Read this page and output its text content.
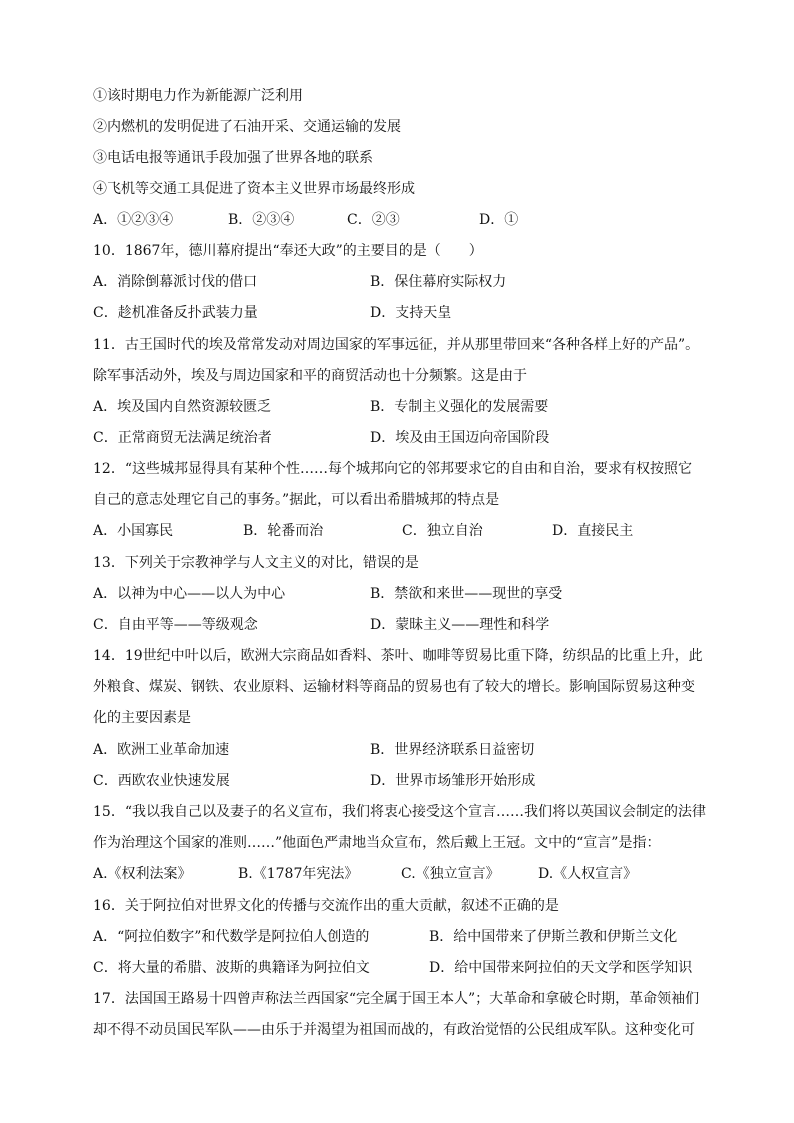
①该时期电力作为新能源广泛利用
②内燃机的发明促进了石油开采、交通运输的发展
③电话电报等通讯手段加强了世界各地的联系
④飞机等交通工具促进了资本主义世界市场最终形成
A．①②③④	B．②③④	C．②③	D．①
10．1867年，德川幕府提出“奉还大政”的主要目的是（　　）
A．消除倒幕派讨伐的借口	B．保住幕府实际权力
C．趁机准备反扑武装力量	D．支持天皇
11．古王国时代的埃及常常发动对周边国家的军事远征，并从那里带回来“各种各样上好的产品”。
除军事活动外，埃及与周边国家和平的商贸活动也十分频繁。这是由于
A．埃及国内自然资源较匮乏	B．专制主义强化的发展需要
C．正常商贸无法满足统治者	D．埃及由王国迈向帝国阶段
12．“这些城邦显得具有某种个性……每个城邦向它的邻邦要求它的自由和自治，要求有权按照它
自己的意志处理它自己的事务。”据此，可以看出希腊城邦的特点是
A．小国寡民	B．轮番而治	C．独立自治	D．直接民主
13．下列关于宗教神学与人文主义的对比，错误的是
A．以神为中心——以人为中心	B．禁欲和来世——现世的享受
C．自由平等——等级观念	D．蒙昧主义——理性和科学
14．19世纪中叶以后，欧洲大宗商品如香料、茶叶、咖啡等贸易比重下降，纺织品的比重上升，此
外粮食、煤炭、钢铁、农业原料、运输材料等商品的贸易也有了较大的增长。影响国际贸易这种变
化的主要因素是
A．欧洲工业革命加速	B．世界经济联系日益密切
C．西欧农业快速发展	D．世界市场雏形开始形成
15．“我以我自己以及妻子的名义宣布，我们将衷心接受这个宣言……我们将以英国议会制定的法律
作为治理这个国家的准则……”他面色严肃地当众宣布，然后戴上王冠。文中的“宣言”是指：
A.《权利法案》	B.《1787年宪法》	C.《独立宣言》	D.《人权宣言》
16．关于阿拉伯对世界文化的传播与交流作出的重大贡献，叙述不正确的是
A．“阿拉伯数字”和代数学是阿拉伯人创造的	B．给中国带来了伊斯兰教和伊斯兰文化
C．将大量的希腊、波斯的典籍译为阿拉伯文	D．给中国带来阿拉伯的天文学和医学知识
17．法国国王路易十四曾声称法兰西国家“完全属于国王本人”；大革命和拿破仑时期，革命领袖们
却不得不动员国民军队——由乐于并渴望为祖国而战的，有政治觉悟的公民组成军队。这种变化可
